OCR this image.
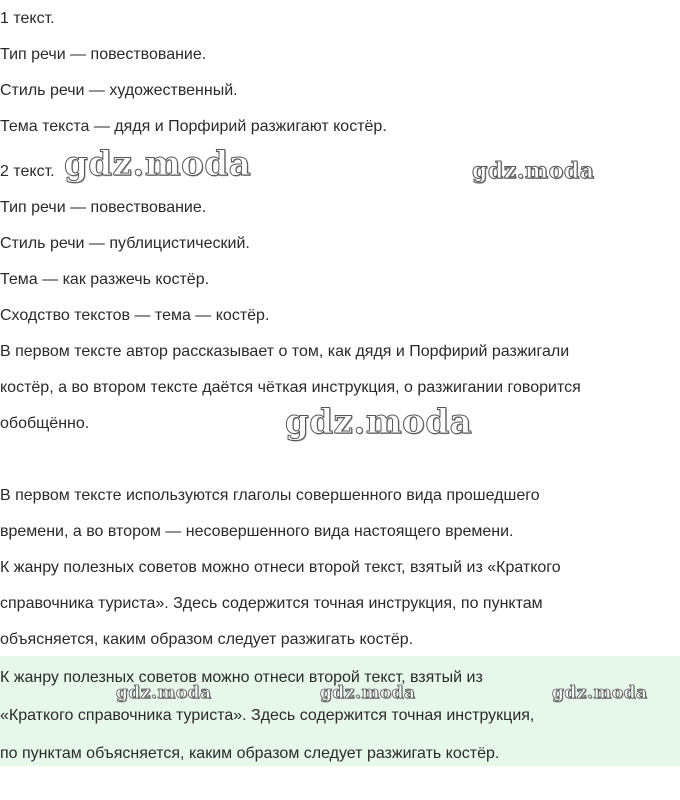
1 текст.

Тип речи — повествование.

Стиль речи — художественный.

Тема текста — дядя и Порфирий разжигают костёр.

2 текст. gdz.moda	gdz.moda

Тип речи — повествование.

Стиль речи — публицистический.

Тема — как разжечь костёр.

Сходство текстов — тема — костёр.

В первом тексте автор рассказывает о том, как дядя и Порфирий разжигали

костёр, а во втором тексте даётся чёткая инструкция, о разжигании говорится

обобщённо.	gdz.moda

В первом тексте используются глаголы совершенного вида прошедшего

времени, а во втором — несовершенного вида настоящего времени.

К жанру полезных советов можно отнеси второй текст, взятый из «Краткого

справочника туриста». Здесь содержится точная инструкция, по пунктам

объясняется, каким образом следует разжигать костёр.

К жанру полезных советов можно отнеси второй текст, взятый из

gdz.moda	gdz.moda	gdz.moda

«Краткого справочника туриста». Здесь содержится точная инструкция,

по пунктам объясняется, каким образом следует разжигать костёр.
